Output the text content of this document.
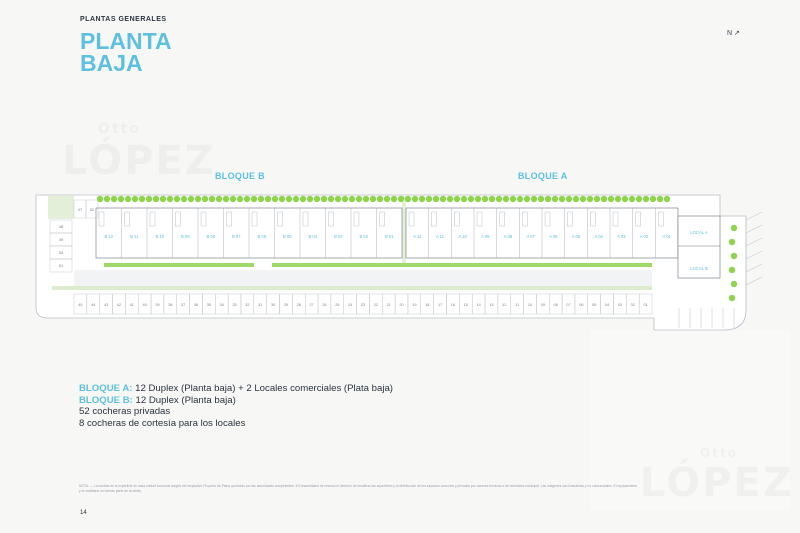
PLANTAS GENERALES
PLANTA
BAJA
N ↗
BLOQUE B	BLOQUE A
B 12	B 11	B 10	B 09	B 08	B 07	B 06	B 05	B 04	B 03	B 02	B 01	A 12	A 11	A 10	A 09	A 08	A 07	A 06	A 05	A 04	A 03	A 02	A 01
LOCAL A
LOCAL B
47 52
48
49
50
51
45 44 43 42 41 40 39 38 37 36 35 34 33 32 31 30 29 28 27 26 25 24 23 22 21 20 19 18 17 16 15 14 13 12 11 10 09 08 07 06 05 04 03 02 01
BLOQUE A: 12 Duplex (Planta baja) + 2 Locales comerciales (Plata baja)
BLOQUE B: 12 Duplex (Planta baja)
52 cocheras privadas
8 cocheras de cortesía para los locales
NOTA: — La medida de la superficie de cada unidad funcional surgirá del respectivo Proyecto de Plano aprobado por las autoridades competentes. El Desarrollador se reserva el derecho de modificar las superficies y la distribución de los espacios comunes y privados por razones técnicas o de normativa municipal. Las imágenes son ilustrativas y no contractuales. El equipamiento y el mobiliario no forman parte de la oferta.
14
